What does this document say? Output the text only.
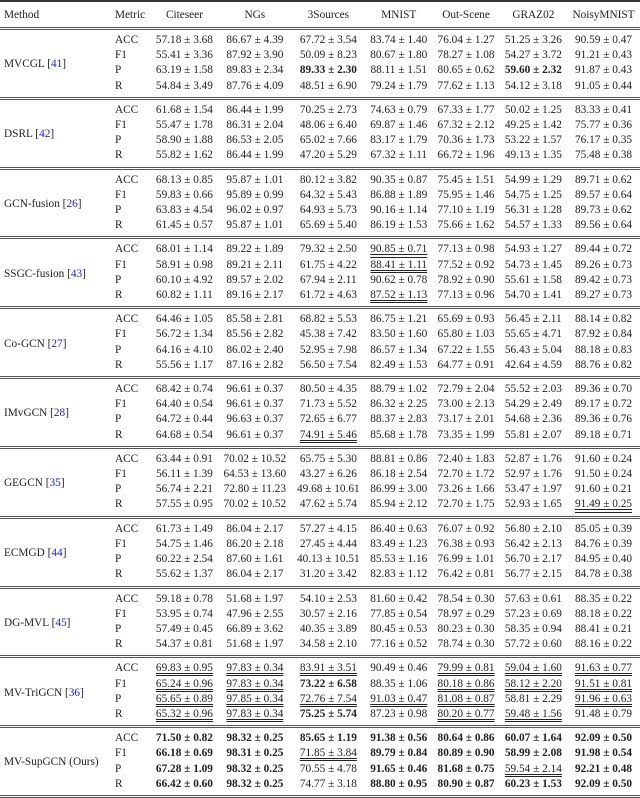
Method	Metric	Citeseer	NGs	3Sources	MNIST	Out-Scene	GRAZ02	NoisyMNIST
MVCGL [41]	ACC	57.18 ± 3.68	86.67 ± 4.39	67.72 ± 3.54	83.74 ± 1.40	76.04 ± 1.27	51.25 ± 3.26	90.59 ± 0.47
	F1	55.41 ± 3.36	87.92 ± 3.90	50.09 ± 8.23	80.67 ± 1.80	78.27 ± 1.08	54.27 ± 3.72	91.21 ± 0.43
	P	63.19 ± 1.58	89.83 ± 2.34	89.33 ± 2.30	88.11 ± 1.51	80.65 ± 0.62	59.60 ± 2.32	91.87 ± 0.43
	R	54.84 ± 3.49	87.76 ± 4.09	48.51 ± 6.90	79.24 ± 1.79	77.62 ± 1.13	54.12 ± 3.18	91.05 ± 0.44
DSRL [42]	ACC	61.68 ± 1.54	86.44 ± 1.99	70.25 ± 2.73	74.63 ± 0.79	67.33 ± 1.77	50.02 ± 1.25	83.33 ± 0.41
	F1	55.47 ± 1.78	86.31 ± 2.04	48.06 ± 6.40	69.87 ± 1.46	67.32 ± 2.12	49.25 ± 1.42	75.77 ± 0.36
	P	58.90 ± 1.88	86.53 ± 2.05	65.02 ± 7.66	83.17 ± 1.79	70.36 ± 1.73	53.22 ± 1.57	76.17 ± 0.35
	R	55.82 ± 1.62	86.44 ± 1.99	47.20 ± 5.29	67.32 ± 1.11	66.72 ± 1.96	49.13 ± 1.35	75.48 ± 0.38
GCN-fusion [26]	ACC	68.13 ± 0.85	95.87 ± 1.01	80.12 ± 3.82	90.35 ± 0.87	75.45 ± 1.51	54.99 ± 1.29	89.71 ± 0.62
	F1	59.83 ± 0.66	95.89 ± 0.99	64.32 ± 5.43	86.88 ± 1.89	75.95 ± 1.46	54.75 ± 1.25	89.57 ± 0.64
	P	63.83 ± 4.54	96.02 ± 0.97	64.93 ± 5.73	90.16 ± 1.14	77.10 ± 1.19	56.31 ± 1.28	89.73 ± 0.62
	R	61.45 ± 0.57	95.87 ± 1.01	65.69 ± 5.40	86.19 ± 1.53	75.66 ± 1.62	54.57 ± 1.33	89.56 ± 0.64
SSGC-fusion [43]	ACC	68.01 ± 1.14	89.22 ± 1.89	79.32 ± 2.50	90.85 ± 0.71	77.13 ± 0.98	54.93 ± 1.27	89.44 ± 0.72
	F1	58.91 ± 0.98	89.21 ± 2.11	61.75 ± 4.22	88.41 ± 1.11	77.52 ± 0.92	54.73 ± 1.45	89.26 ± 0.73
	P	60.10 ± 4.92	89.57 ± 2.02	67.94 ± 2.11	90.62 ± 0.78	78.92 ± 0.90	55.61 ± 1.58	89.42 ± 0.73
	R	60.82 ± 1.11	89.16 ± 2.17	61.72 ± 4.63	87.52 ± 1.13	77.13 ± 0.96	54.70 ± 1.41	89.27 ± 0.73
Co-GCN [27]	ACC	64.46 ± 1.05	85.58 ± 2.81	68.82 ± 5.53	86.75 ± 1.21	65.69 ± 0.93	56.45 ± 2.11	88.14 ± 0.82
	F1	56.72 ± 1.34	85.56 ± 2.82	45.38 ± 7.42	83.50 ± 1.60	65.80 ± 1.03	55.65 ± 4.71	87.92 ± 0.84
	P	64.16 ± 4.10	86.02 ± 2.40	52.95 ± 7.98	86.57 ± 1.34	67.22 ± 1.55	56.43 ± 5.04	88.18 ± 0.83
	R	55.56 ± 1.17	87.16 ± 2.82	56.50 ± 7.54	82.49 ± 1.53	64.77 ± 0.91	42.64 ± 4.59	88.76 ± 0.82
IMvGCN [28]	ACC	68.42 ± 0.74	96.61 ± 0.37	80.50 ± 4.35	88.79 ± 1.02	72.79 ± 2.04	55.52 ± 2.03	89.36 ± 0.70
	F1	64.40 ± 0.54	96.61 ± 0.37	71.73 ± 5.52	86.32 ± 2.25	73.00 ± 2.13	54.29 ± 2.49	89.17 ± 0.72
	P	64.72 ± 0.44	96.63 ± 0.37	72.65 ± 6.77	88.37 ± 2.83	73.17 ± 2.01	54.68 ± 2.36	89.36 ± 0.76
	R	64.68 ± 0.54	96.61 ± 0.37	74.91 ± 5.46	85.68 ± 1.78	73.35 ± 1.99	55.81 ± 2.07	89.18 ± 0.71
GEGCN [35]	ACC	63.44 ± 0.91	70.02 ± 10.52	65.75 ± 5.30	88.81 ± 0.86	72.40 ± 1.83	52.87 ± 1.76	91.60 ± 0.24
	F1	56.11 ± 1.39	64.53 ± 13.60	43.27 ± 6.26	86.18 ± 2.54	72.70 ± 1.72	52.97 ± 1.76	91.50 ± 0.24
	P	56.74 ± 2.21	72.80 ± 11.23	49.68 ± 10.61	86.99 ± 3.00	73.26 ± 1.66	53.47 ± 1.97	91.60 ± 0.21
	R	57.55 ± 0.95	70.02 ± 10.52	47.62 ± 5.74	85.94 ± 2.12	72.70 ± 1.75	52.93 ± 1.65	91.49 ± 0.25
ECMGD [44]	ACC	61.73 ± 1.49	86.04 ± 2.17	57.27 ± 4.15	86.40 ± 0.63	76.07 ± 0.92	56.80 ± 2.10	85.05 ± 0.39
	F1	54.75 ± 1.46	86.20 ± 2.18	27.45 ± 4.44	83.49 ± 1.23	76.38 ± 0.93	56.42 ± 2.13	84.76 ± 0.39
	P	60.22 ± 2.54	87.60 ± 1.61	40.13 ± 10.51	85.53 ± 1.16	76.99 ± 1.01	56.70 ± 2.17	84.95 ± 0.40
	R	55.62 ± 1.37	86.04 ± 2.17	31.20 ± 3.42	82.83 ± 1.12	76.42 ± 0.81	56.77 ± 2.15	84.78 ± 0.38
DG-MVL [45]	ACC	59.18 ± 0.78	51.68 ± 1.97	54.10 ± 2.53	81.60 ± 0.42	78.54 ± 0.30	57.63 ± 0.61	88.35 ± 0.22
	F1	53.95 ± 0.74	47.96 ± 2.55	30.57 ± 2.16	77.85 ± 0.54	78.97 ± 0.29	57.23 ± 0.69	88.18 ± 0.22
	P	57.49 ± 0.45	66.89 ± 3.62	40.35 ± 3.89	80.45 ± 0.53	80.23 ± 0.30	58.35 ± 0.94	88.41 ± 0.21
	R	54.37 ± 0.81	51.68 ± 1.97	34.58 ± 2.10	77.16 ± 0.52	78.74 ± 0.30	57.72 ± 0.60	88.16 ± 0.22
MV-TriGCN [36]	ACC	69.83 ± 0.95	97.83 ± 0.34	83.91 ± 3.51	90.49 ± 0.46	79.99 ± 0.81	59.04 ± 1.60	91.63 ± 0.77
	F1	65.24 ± 0.96	97.83 ± 0.34	73.22 ± 6.58	88.35 ± 1.06	80.18 ± 0.86	58.12 ± 2.20	91.51 ± 0.81
	P	65.65 ± 0.89	97.85 ± 0.34	72.76 ± 7.54	91.03 ± 0.47	81.08 ± 0.87	58.81 ± 2.29	91.96 ± 0.63
	R	65.32 ± 0.96	97.83 ± 0.34	75.25 ± 5.74	87.23 ± 0.98	80.20 ± 0.77	59.48 ± 1.56	91.48 ± 0.79
MV-SupGCN (Ours)	ACC	71.50 ± 0.82	98.32 ± 0.25	85.65 ± 1.19	91.38 ± 0.56	80.64 ± 0.86	60.07 ± 1.64	92.09 ± 0.50
	F1	66.18 ± 0.69	98.31 ± 0.25	71.85 ± 3.84	89.79 ± 0.84	80.89 ± 0.90	58.99 ± 2.08	91.98 ± 0.54
	P	67.28 ± 1.09	98.32 ± 0.25	70.55 ± 4.78	91.65 ± 0.46	81.68 ± 0.75	59.54 ± 2.14	92.21 ± 0.48
	R	66.42 ± 0.60	98.32 ± 0.25	74.77 ± 3.18	88.80 ± 0.95	80.90 ± 0.87	60.23 ± 1.53	92.09 ± 0.50
